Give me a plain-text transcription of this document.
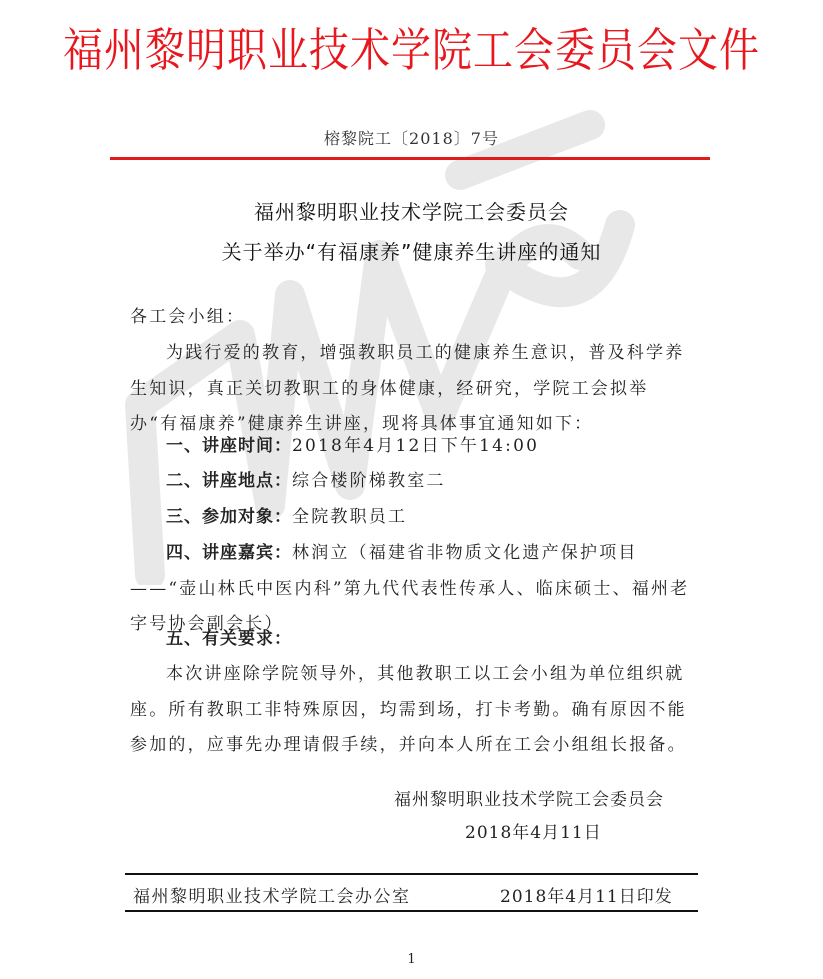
福州黎明职业技术学院工会委员会文件
榕黎院工〔2018〕7号
福州黎明职业技术学院工会委员会
关于举办“有福康养”健康养生讲座的通知
各工会小组：
为践行爱的教育，增强教职员工的健康养生意识，普及科学养生知识，真正关切教职工的身体健康，经研究，学院工会拟举办“有福康养”健康养生讲座，现将具体事宜通知如下：
一、讲座时间：2018年4月12日下午14:00
二、讲座地点：综合楼阶梯教室二
三、参加对象：全院教职员工
四、讲座嘉宾：林润立（福建省非物质文化遗产保护项目——“壶山林氏中医内科”第九代代表性传承人、临床硕士、福州老字号协会副会长）
五、有关要求：
本次讲座除学院领导外，其他教职工以工会小组为单位组织就座。所有教职工非特殊原因，均需到场，打卡考勤。确有原因不能参加的，应事先办理请假手续，并向本人所在工会小组组长报备。
福州黎明职业技术学院工会委员会
2018年4月11日
福州黎明职业技术学院工会办公室	2018年4月11日印发
1
